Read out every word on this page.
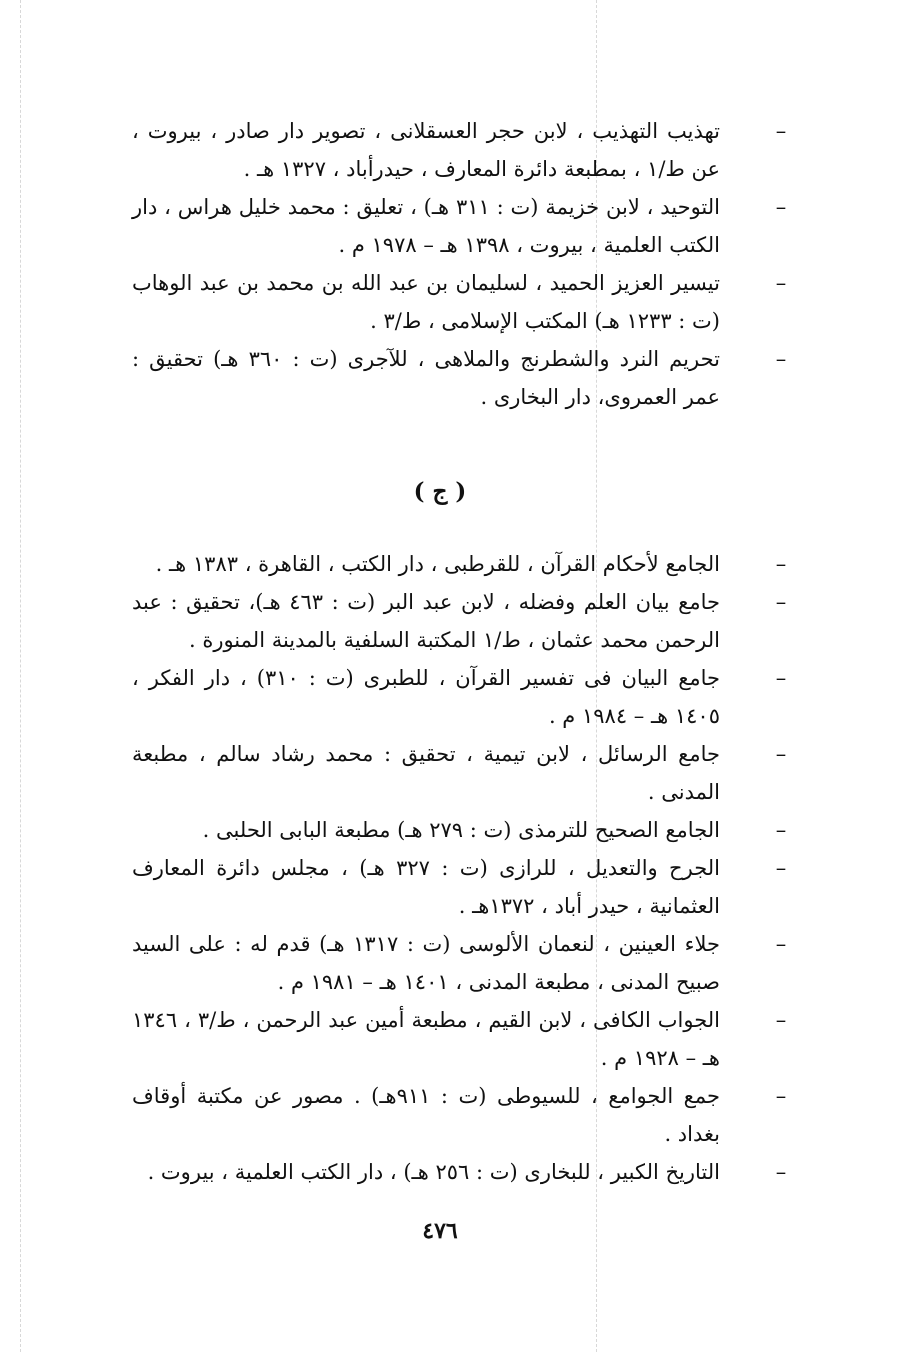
–
تهذيب التهذيب ، لابن حجر العسقلانى ، تصوير دار صادر ، بيروت ، عن ط/١ ، بمطبعة دائرة المعارف ، حيدرأباد ، ١٣٢٧ هـ .
–
التوحيد ، لابن خزيمة (ت : ٣١١ هـ) ، تعليق : محمد خليل هراس ، دار الكتب العلمية ، بيروت ، ١٣٩٨ هـ – ١٩٧٨ م .
–
تيسير العزيز الحميد ، لسليمان بن عبد الله بن محمد بن عبد الوهاب (ت : ١٢٣٣ هـ) المكتب الإسلامى ، ط/٣ .
–
تحريم النرد والشطرنج والملاهى ، للآجرى (ت : ٣٦٠ هـ) تحقيق : عمر العمروى، دار البخارى .
( ج )
–
الجامع لأحكام القرآن ، للقرطبى ، دار الكتب ، القاهرة ، ١٣٨٣ هـ .
–
جامع بيان العلم وفضله ، لابن عبد البر (ت : ٤٦٣ هـ)، تحقيق : عبد الرحمن محمد عثمان ، ط/١ المكتبة السلفية بالمدينة المنورة .
–
جامع البيان فى تفسير القرآن ، للطبرى (ت : ٣١٠) ، دار الفكر ، ١٤٠٥ هـ – ١٩٨٤ م .
–
جامع الرسائل ، لابن تيمية ، تحقيق : محمد رشاد سالم ، مطبعة المدنى .
–
الجامع الصحيح للترمذى (ت : ٢٧٩ هـ) مطبعة البابى الحلبى .
–
الجرح والتعديل ، للرازى (ت : ٣٢٧ هـ) ، مجلس دائرة المعارف العثمانية ، حيدر أباد ، ١٣٧٢هـ .
–
جلاء العينين ، لنعمان الألوسى (ت : ١٣١٧ هـ) قدم له : على السيد صبيح المدنى ، مطبعة المدنى ، ١٤٠١ هـ – ١٩٨١ م .
–
الجواب الكافى ، لابن القيم ، مطبعة أمين عبد الرحمن ، ط/٣ ، ١٣٤٦ هـ – ١٩٢٨ م .
–
جمع الجوامع ، للسيوطى (ت : ٩١١هـ) . مصور عن مكتبة أوقاف بغداد .
–
التاريخ الكبير ، للبخارى (ت : ٢٥٦ هـ) ، دار الكتب العلمية ، بيروت .
٤٧٦
